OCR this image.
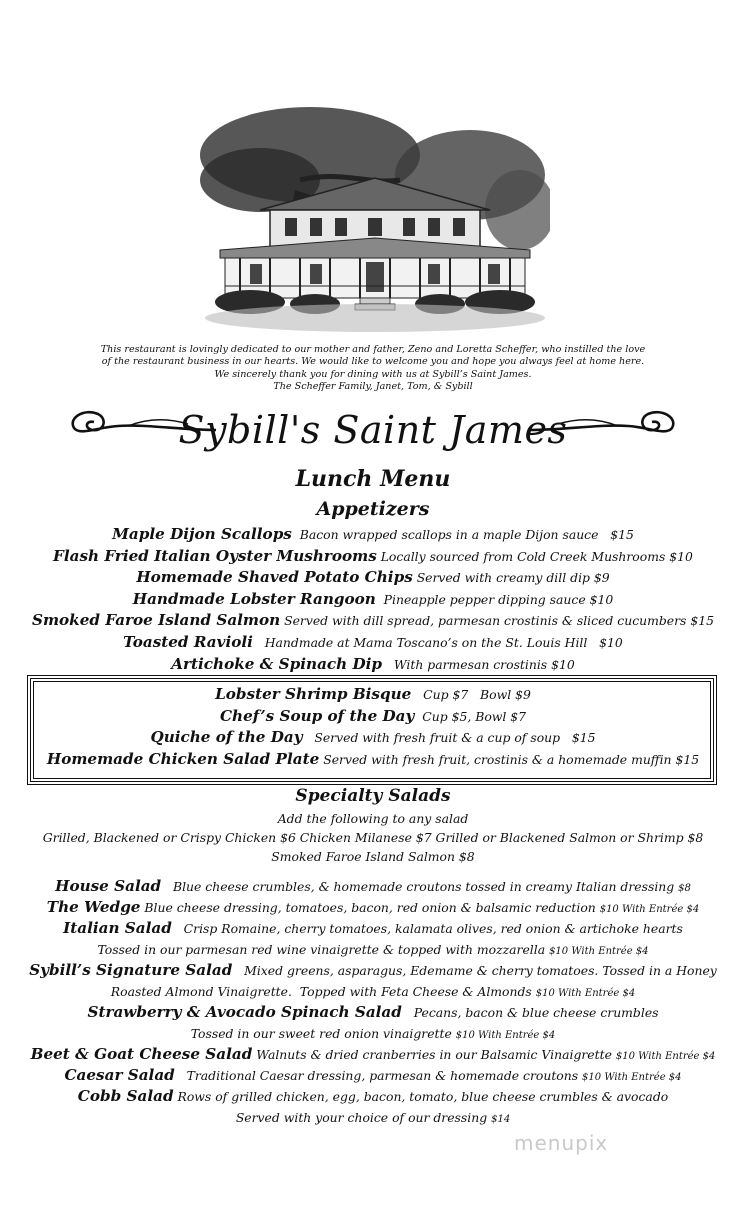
This restaurant is lovingly dedicated to our mother and father, Zeno and Loretta Scheffer, who instilled the love
of the restaurant business in our hearts. We would like to welcome you and hope you always feel at home here.
We sincerely thank you for dining with us at Sybill’s Saint James.
The Scheffer Family, Janet, Tom, & Sybill
Sybill's Saint James
Lunch Menu
Appetizers
Maple Dijon Scallops  Bacon wrapped scallops in a maple Dijon sauce   $15
Flash Fried Italian Oyster Mushrooms Locally sourced from Cold Creek Mushrooms $10
Homemade Shaved Potato Chips Served with creamy dill dip $9
Handmade Lobster Rangoon  Pineapple pepper dipping sauce $10
Smoked Faroe Island Salmon Served with dill spread, parmesan crostinis & sliced cucumbers $15
Toasted Ravioli   Handmade at Mama Toscano’s on the St. Louis Hill   $10
Artichoke & Spinach Dip   With parmesan crostinis $10
Lobster Shrimp Bisque   Cup $7   Bowl $9
Chef’s Soup of the Day  Cup $5, Bowl $7
Quiche of the Day   Served with fresh fruit & a cup of soup   $15
Homemade Chicken Salad Plate Served with fresh fruit, crostinis & a homemade muffin $15
Specialty Salads
Add the following to any salad
Grilled, Blackened or Crispy Chicken $6 Chicken Milanese $7 Grilled or Blackened Salmon or Shrimp $8
Smoked Faroe Island Salmon $8
House Salad   Blue cheese crumbles, & homemade croutons tossed in creamy Italian dressing $8
The Wedge Blue cheese dressing, tomatoes, bacon, red onion & balsamic reduction $10 With Entrée $4
Italian Salad   Crisp Romaine, cherry tomatoes, kalamata olives, red onion & artichoke hearts
Tossed in our parmesan red wine vinaigrette & topped with mozzarella $10 With Entrée $4
Sybill’s Signature Salad   Mixed greens, asparagus, Edemame & cherry tomatoes. Tossed in a Honey
Roasted Almond Vinaigrette.  Topped with Feta Cheese & Almonds $10 With Entrée $4
Strawberry & Avocado Spinach Salad   Pecans, bacon & blue cheese crumbles
Tossed in our sweet red onion vinaigrette $10 With Entrée $4
Beet & Goat Cheese Salad Walnuts & dried cranberries in our Balsamic Vinaigrette $10 With Entrée $4
Caesar Salad   Traditional Caesar dressing, parmesan & homemade croutons $10 With Entrée $4
Cobb Salad Rows of grilled chicken, egg, bacon, tomato, blue cheese crumbles & avocado
Served with your choice of our dressing $14
menupix
